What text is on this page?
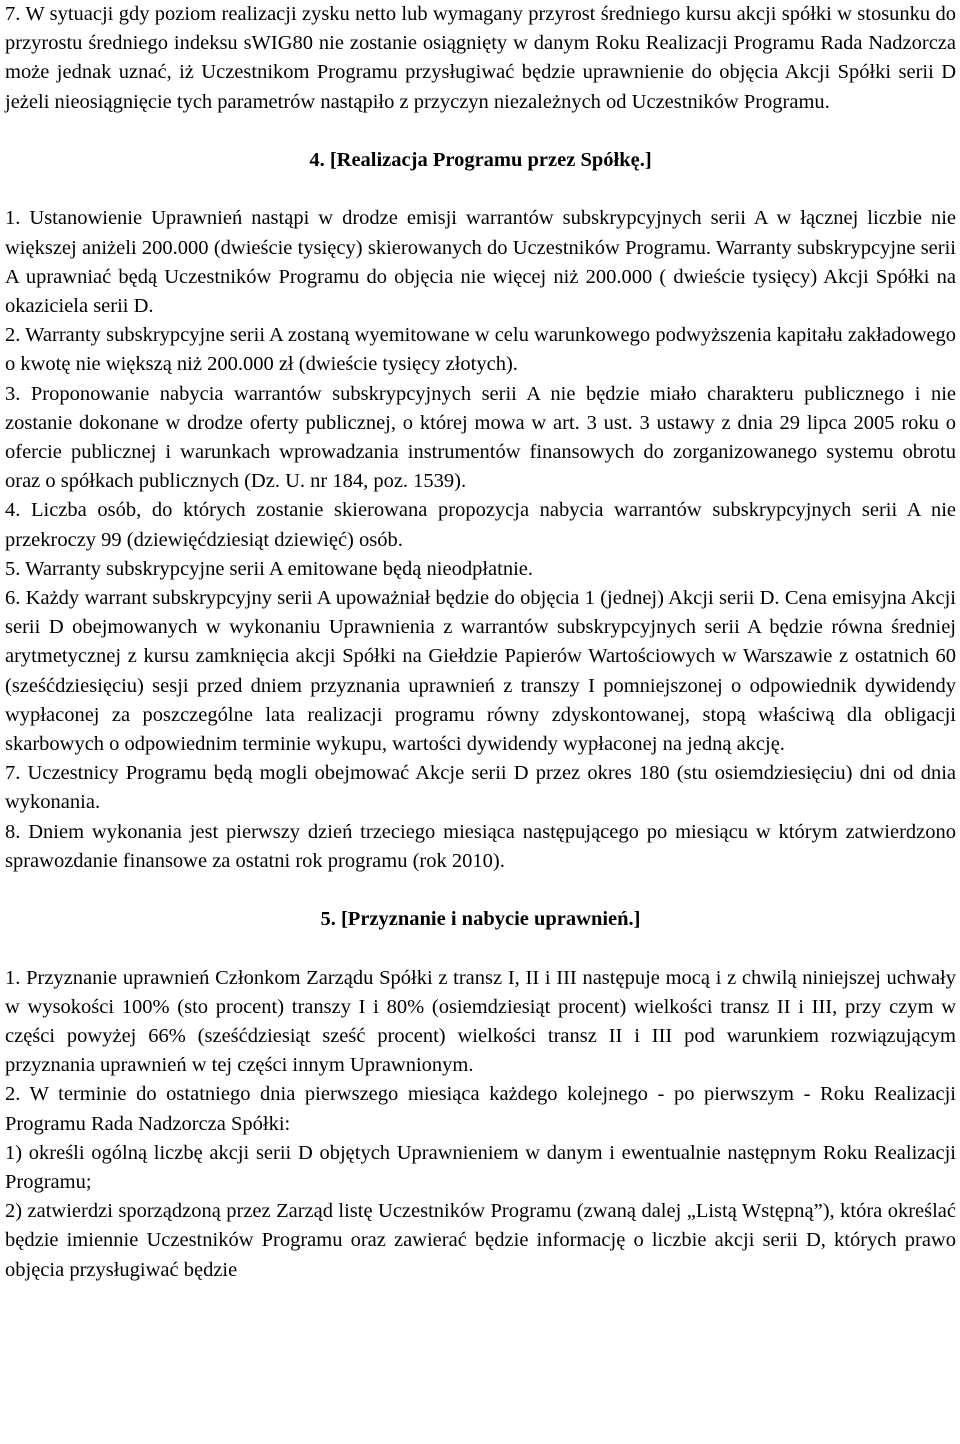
7. W sytuacji gdy poziom realizacji zysku netto lub wymagany przyrost średniego kursu akcji spółki w stosunku do przyrostu średniego indeksu sWIG80 nie zostanie osiągnięty w danym Roku Realizacji Programu Rada Nadzorcza może jednak uznać, iż Uczestnikom Programu przysługiwać będzie uprawnienie do objęcia Akcji Spółki serii D jeżeli nieosiągnięcie tych parametrów nastąpiło z przyczyn niezależnych od Uczestników Programu.

4. [Realizacja Programu przez Spółkę.]

1. Ustanowienie Uprawnień nastąpi w drodze emisji warrantów subskrypcyjnych serii A w łącznej liczbie nie większej aniżeli 200.000 (dwieście tysięcy) skierowanych do Uczestników Programu. Warranty subskrypcyjne serii A uprawniać będą Uczestników Programu do objęcia nie więcej niż 200.000 ( dwieście tysięcy) Akcji Spółki na okaziciela serii D.

2. Warranty subskrypcyjne serii A zostaną wyemitowane w celu warunkowego podwyższenia kapitału zakładowego o kwotę nie większą niż 200.000 zł (dwieście tysięcy złotych).

3. Proponowanie nabycia warrantów subskrypcyjnych serii A nie będzie miało charakteru publicznego i nie zostanie dokonane w drodze oferty publicznej, o której mowa w art. 3 ust. 3 ustawy z dnia 29 lipca 2005 roku o ofercie publicznej i warunkach wprowadzania instrumentów finansowych do zorganizowanego systemu obrotu oraz o spółkach publicznych (Dz. U. nr 184, poz. 1539).

4. Liczba osób, do których zostanie skierowana propozycja nabycia warrantów subskrypcyjnych serii A nie przekroczy 99 (dziewięćdziesiąt dziewięć) osób.

5. Warranty subskrypcyjne serii A emitowane będą nieodpłatnie.

6. Każdy warrant subskrypcyjny serii A upoważniał będzie do objęcia 1 (jednej) Akcji serii D. Cena emisyjna Akcji serii D obejmowanych w wykonaniu Uprawnienia z warrantów subskrypcyjnych serii A będzie równa średniej arytmetycznej z kursu zamknięcia akcji Spółki na Giełdzie Papierów Wartościowych w Warszawie z ostatnich 60 (sześćdziesięciu) sesji przed dniem przyznania uprawnień z transzy I pomniejszonej o odpowiednik dywidendy wypłaconej za poszczególne lata realizacji programu równy zdyskontowanej, stopą właściwą dla obligacji skarbowych o odpowiednim terminie wykupu, wartości dywidendy wypłaconej na jedną akcję.

7. Uczestnicy Programu będą mogli obejmować Akcje serii D przez okres 180 (stu osiemdziesięciu) dni od dnia wykonania.

8. Dniem wykonania jest pierwszy dzień trzeciego miesiąca następującego po miesiącu w którym zatwierdzono sprawozdanie finansowe za ostatni rok programu (rok 2010).

5. [Przyznanie i nabycie uprawnień.]

1. Przyznanie uprawnień Członkom Zarządu Spółki z transz I, II i III następuje mocą i z chwilą niniejszej uchwały w wysokości 100% (sto procent) transzy I i 80% (osiemdziesiąt procent) wielkości transz II i III, przy czym w części powyżej 66% (sześćdziesiąt sześć procent) wielkości transz II i III pod warunkiem rozwiązującym przyznania uprawnień w tej części innym Uprawnionym.

2. W terminie do ostatniego dnia pierwszego miesiąca każdego kolejnego - po pierwszym - Roku Realizacji Programu Rada Nadzorcza Spółki:

1) określi ogólną liczbę akcji serii D objętych Uprawnieniem w danym i ewentualnie następnym Roku Realizacji Programu;

2) zatwierdzi sporządzoną przez Zarząd listę Uczestników Programu (zwaną dalej „Listą Wstępną”), która określać będzie imiennie Uczestników Programu oraz zawierać będzie informację o liczbie akcji serii D, których prawo objęcia przysługiwać będzie
